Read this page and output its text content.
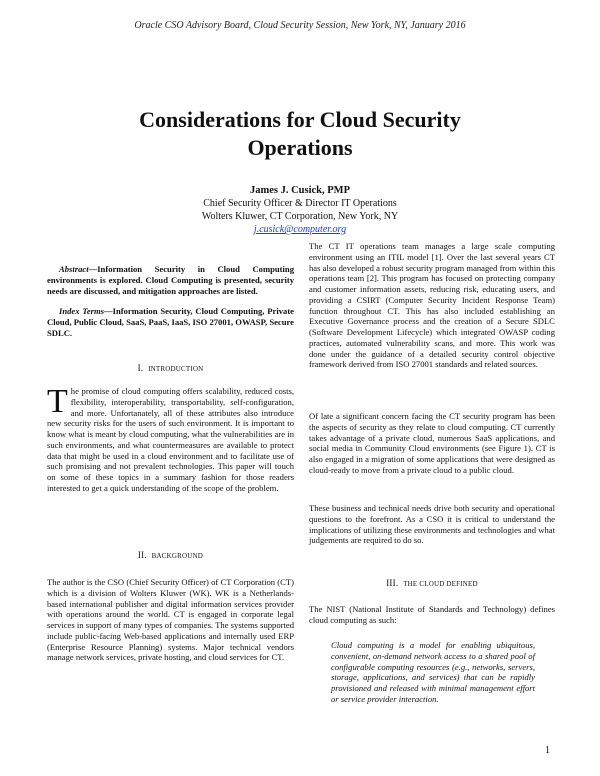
Oracle CSO Advisory Board, Cloud Security Session, New York, NY, January 2016
Considerations for Cloud Security
Operations
James J. Cusick, PMP
Chief Security Officer & Director IT Operations
Wolters Kluwer, CT Corporation, New York, NY
j.cusick@computer.org

Abstract—Information Security in Cloud Computing environments is explored. Cloud Computing is presented, security needs are discussed, and mitigation approaches are listed.

Index Terms—Information Security, Cloud Computing, Private Cloud, Public Cloud, SaaS, PaaS, IaaS, ISO 27001, OWASP, Secure SDLC.

I. INTRODUCTION

The promise of cloud computing offers scalability, reduced costs, flexibility, interoperability, transportability, self-configuration, and more. Unfortanately, all of these attributes also introduce new security risks for the users of such environment. It is important to know what is meant by cloud computing, what the vulnerabilities are in such environments, and what countermeasures are available to protect data that might be used in a cloud environment and to facilitate use of such promising and not prevalent technologies. This paper will touch on some of these topics in a summary fashion for those readers interested to get a quick understanding of the scope of the problem.

II. BACKGROUND

The author is the CSO (Chief Security Officer) of CT Corporation (CT) which is a division of Wolters Kluwer (WK). WK is a Netherlands-based international publisher and digital information services provider with operations around the world. CT is engaged in corporate legal services in support of many types of companies. The systems supported include public-facing Web-based applications and internally used ERP (Enterprise Resource Planning) systems. Major technical vendors manage network services, private hosting, and cloud services for CT.

The CT IT operations team manages a large scale computing environment using an ITIL model [1]. Over the last several years CT has also developed a robust security program managed from within this operations team [2]. This program has focused on protecting company and customer information assets, reducing risk, educating users, and providing a CSIRT (Computer Security Incident Response Team) function throughout CT. This has also included establishing an Executive Governance process and the creation of a Secure SDLC (Software Development Lifecycle) which integrated OWASP coding practices, automated vulnerability scans, and more. This work was done under the guidance of a detailed security control objective framework derived from ISO 27001 standards and related sources.

Of late a significant concern facing the CT security program has been the aspects of security as they relate to cloud computing. CT currently takes advantage of a private cloud, numerous SaaS applications, and social media in Community Cloud environments (see Figure 1). CT is also engaged in a migration of some applications that were designed as cloud-ready to move from a private cloud to a public cloud.

These business and technical needs drive both security and operational questions to the forefront. As a CSO it is critical to understand the implications of utilizing these environments and technologies and what judgements are required to do so.

III. THE CLOUD DEFINED

The NIST (National Institute of Standards and Technology) defines cloud computing as such:

Cloud computing is a model for enabling ubiquitous, convenient, on-demand network access to a shared pool of configurable computing resources (e.g., networks, servers, storage, applications, and services) that can be rapidly provisioned and released with minimal management effort or service provider interaction.

1
